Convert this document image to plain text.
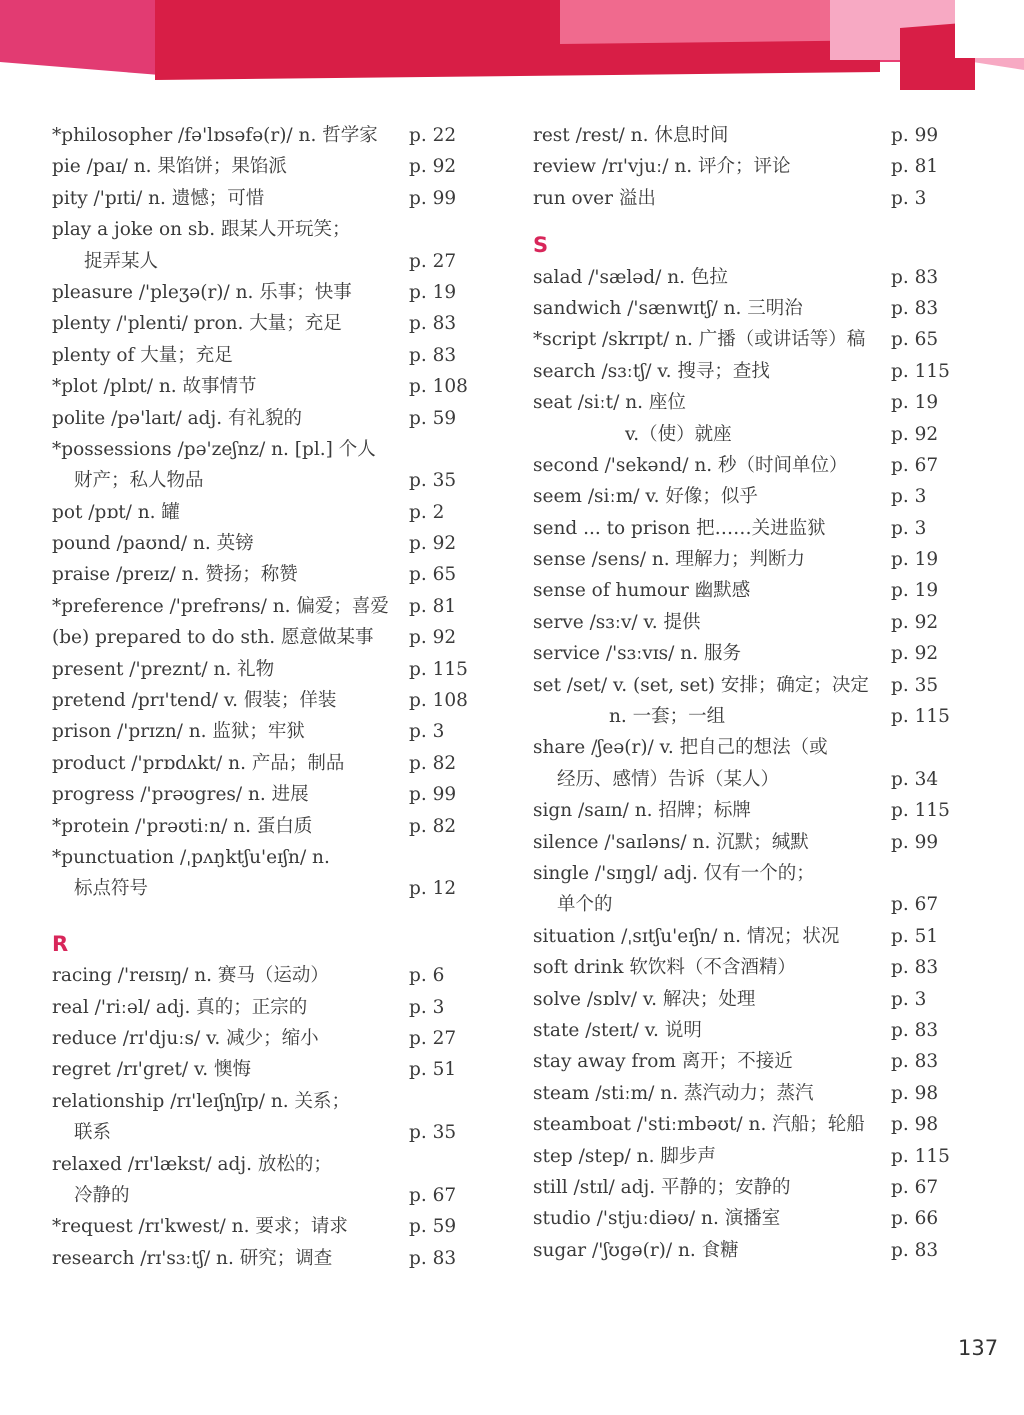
*philosopher /fə'lɒsəfə(r)/ n. 哲学家 p. 22
pie /paɪ/ n. 果馅饼；果馅派	p. 92
pity /'pɪti/ n. 遗憾；可惜	p. 99
play a joke on sb. 跟某人开玩笑；
捉弄某人	p. 27
pleasure /'pleʒə(r)/ n. 乐事；快事	p. 19
plenty /'plenti/ pron. 大量；充足	p. 83
plenty of 大量；充足	p. 83
*plot /plɒt/ n. 故事情节	p. 108
polite /pə'laɪt/ adj. 有礼貌的	p. 59
*possessions /pə'zeʃnz/ n. [pl.] 个人
财产；私人物品	p. 35
pot /pɒt/ n. 罐	p. 2
pound /paʊnd/ n. 英镑	p. 92
praise /preɪz/ n. 赞扬；称赞	p. 65
*preference /'prefrəns/ n. 偏爱；喜爱 p. 81
(be) prepared to do sth. 愿意做某事 p. 92
present /'preznt/ n. 礼物	p. 115
pretend /prɪ'tend/ v. 假装；佯装	p. 108
prison /'prɪzn/ n. 监狱；牢狱	p. 3
product /'prɒdʌkt/ n. 产品；制品	p. 82
progress /'prəʊgres/ n. 进展	p. 99
*protein /'prəʊtiːn/ n. 蛋白质	p. 82
*punctuation /ˌpʌŋktʃu'eɪʃn/ n.
标点符号	p. 12
R
racing /'reɪsɪŋ/ n. 赛马（运动）	p. 6
real /'riːəl/ adj. 真的；正宗的	p. 3
reduce /rɪ'djuːs/ v. 减少；缩小	p. 27
regret /rɪ'gret/ v. 懊悔	p. 51
relationship /rɪ'leɪʃnʃɪp/ n. 关系；
联系	p. 35
relaxed /rɪ'lækst/ adj. 放松的；
冷静的	p. 67
*request /rɪ'kwest/ n. 要求；请求	p. 59
research /rɪ'sɜːtʃ/ n. 研究；调查	p. 83
rest /rest/ n. 休息时间	p. 99
review /rɪ'vjuː/ n. 评介；评论	p. 81
run over 溢出	p. 3
S
salad /'sæləd/ n. 色拉	p. 83
sandwich /'sænwɪtʃ/ n. 三明治	p. 83
*script /skrɪpt/ n. 广播（或讲话等）稿 p. 65
search /sɜːtʃ/ v. 搜寻；查找	p. 115
seat /siːt/ n. 座位	p. 19
v.（使）就座	p. 92
second /'sekənd/ n. 秒（时间单位） p. 67
seem /siːm/ v. 好像；似乎	p. 3
send ... to prison 把……关进监狱	p. 3
sense /sens/ n. 理解力；判断力	p. 19
sense of humour 幽默感	p. 19
serve /sɜːv/ v. 提供	p. 92
service /'sɜːvɪs/ n. 服务	p. 92
set /set/ v. (set, set) 安排；确定；决定 p. 35
n. 一套；一组	p. 115
share /ʃeə(r)/ v. 把自己的想法（或
经历、感情）告诉（某人）	p. 34
sign /saɪn/ n. 招牌；标牌	p. 115
silence /'saɪləns/ n. 沉默；缄默	p. 99
single /'sɪŋgl/ adj. 仅有一个的；
单个的	p. 67
situation /ˌsɪtʃu'eɪʃn/ n. 情况；状况	p. 51
soft drink 软饮料（不含酒精）	p. 83
solve /sɒlv/ v. 解决；处理	p. 3
state /steɪt/ v. 说明	p. 83
stay away from 离开；不接近	p. 83
steam /stiːm/ n. 蒸汽动力；蒸汽	p. 98
steamboat /'stiːmbəʊt/ n. 汽船；轮船 p. 98
step /step/ n. 脚步声	p. 115
still /stɪl/ adj. 平静的；安静的	p. 67
studio /'stjuːdiəʊ/ n. 演播室	p. 66
sugar /'ʃʊgə(r)/ n. 食糖	p. 83
137
